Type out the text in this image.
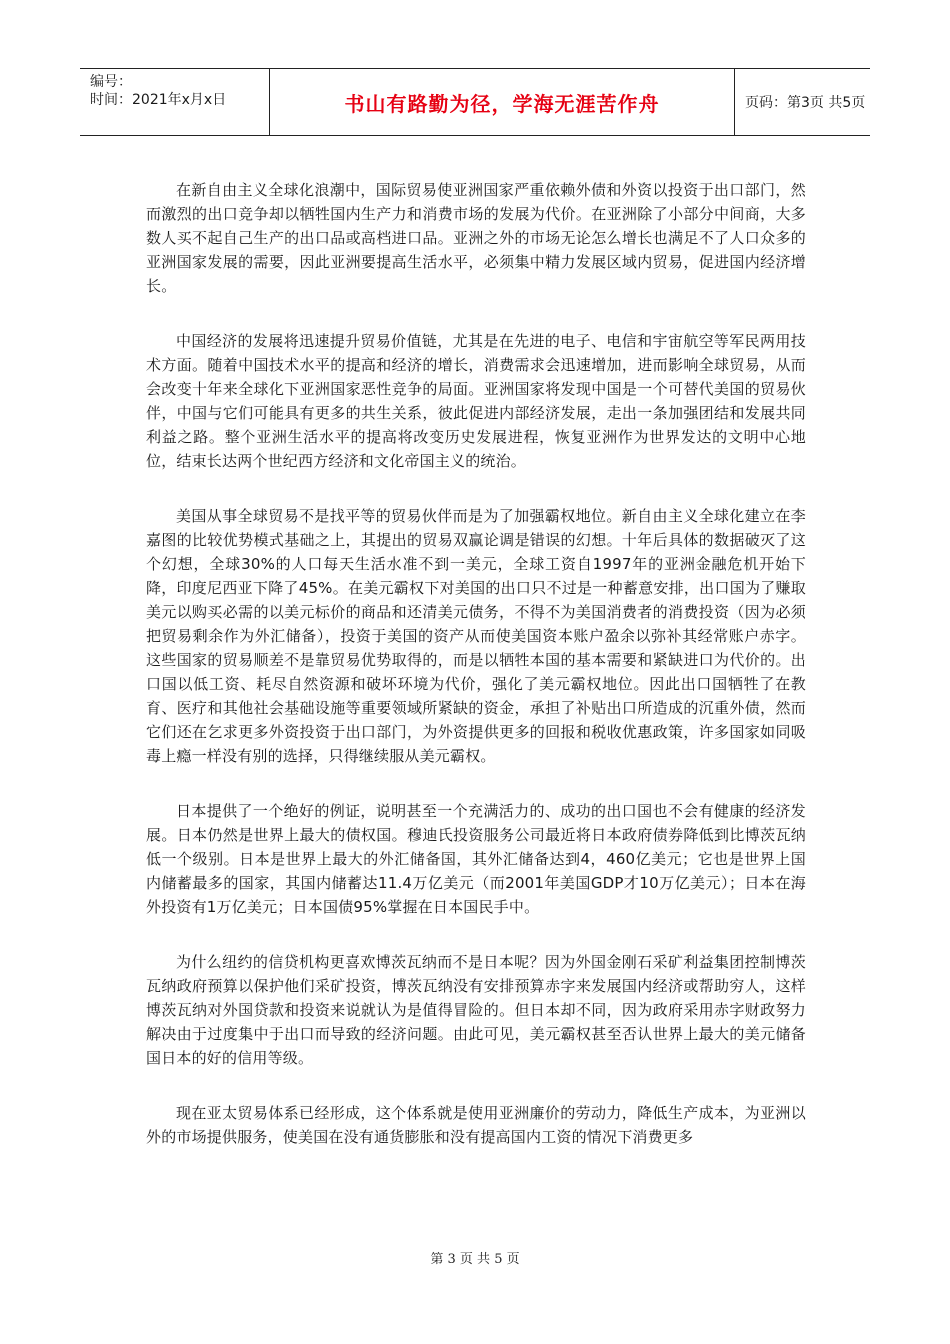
编号：
时间：2021年x月x日	书山有路勤为径，学海无涯苦作舟	页码：第3页 共5页

在新自由主义全球化浪潮中，国际贸易使亚洲国家严重依赖外债和外资以投资于出口部门，然而激烈的出口竞争却以牺牲国内生产力和消费市场的发展为代价。在亚洲除了小部分中间商，大多数人买不起自己生产的出口品或高档进口品。亚洲之外的市场无论怎么增长也满足不了人口众多的亚洲国家发展的需要，因此亚洲要提高生活水平，必须集中精力发展区域内贸易，促进国内经济增长。

中国经济的发展将迅速提升贸易价值链，尤其是在先进的电子、电信和宇宙航空等军民两用技术方面。随着中国技术水平的提高和经济的增长，消费需求会迅速增加，进而影响全球贸易，从而会改变十年来全球化下亚洲国家恶性竞争的局面。亚洲国家将发现中国是一个可替代美国的贸易伙伴，中国与它们可能具有更多的共生关系，彼此促进内部经济发展，走出一条加强团结和发展共同利益之路。整个亚洲生活水平的提高将改变历史发展进程，恢复亚洲作为世界发达的文明中心地位，结束长达两个世纪西方经济和文化帝国主义的统治。

美国从事全球贸易不是找平等的贸易伙伴而是为了加强霸权地位。新自由主义全球化建立在李嘉图的比较优势模式基础之上，其提出的贸易双赢论调是错误的幻想。十年后具体的数据破灭了这个幻想，全球30%的人口每天生活水准不到一美元，全球工资自1997年的亚洲金融危机开始下降，印度尼西亚下降了45%。在美元霸权下对美国的出口只不过是一种蓄意安排，出口国为了赚取美元以购买必需的以美元标价的商品和还清美元债务，不得不为美国消费者的消费投资（因为必须把贸易剩余作为外汇储备），投资于美国的资产从而使美国资本账户盈余以弥补其经常账户赤字。这些国家的贸易顺差不是靠贸易优势取得的，而是以牺牲本国的基本需要和紧缺进口为代价的。出口国以低工资、耗尽自然资源和破坏环境为代价，强化了美元霸权地位。因此出口国牺牲了在教育、医疗和其他社会基础设施等重要领域所紧缺的资金，承担了补贴出口所造成的沉重外债，然而它们还在乞求更多外资投资于出口部门，为外资提供更多的回报和税收优惠政策，许多国家如同吸毒上瘾一样没有别的选择，只得继续服从美元霸权。

日本提供了一个绝好的例证，说明甚至一个充满活力的、成功的出口国也不会有健康的经济发展。日本仍然是世界上最大的债权国。穆迪氏投资服务公司最近将日本政府债券降低到比博茨瓦纳低一个级别。日本是世界上最大的外汇储备国，其外汇储备达到4，460亿美元；它也是世界上国内储蓄最多的国家，其国内储蓄达11.4万亿美元（而2001年美国GDP才10万亿美元）；日本在海外投资有1万亿美元；日本国债95%掌握在日本国民手中。

为什么纽约的信贷机构更喜欢博茨瓦纳而不是日本呢？因为外国金刚石采矿利益集团控制博茨瓦纳政府预算以保护他们采矿投资，博茨瓦纳没有安排预算赤字来发展国内经济或帮助穷人，这样博茨瓦纳对外国贷款和投资来说就认为是值得冒险的。但日本却不同，因为政府采用赤字财政努力解决由于过度集中于出口而导致的经济问题。由此可见，美元霸权甚至否认世界上最大的美元储备国日本的好的信用等级。

现在亚太贸易体系已经形成，这个体系就是使用亚洲廉价的劳动力，降低生产成本，为亚洲以外的市场提供服务，使美国在没有通货膨胀和没有提高国内工资的情况下消费更多

第 3 页 共 5 页
